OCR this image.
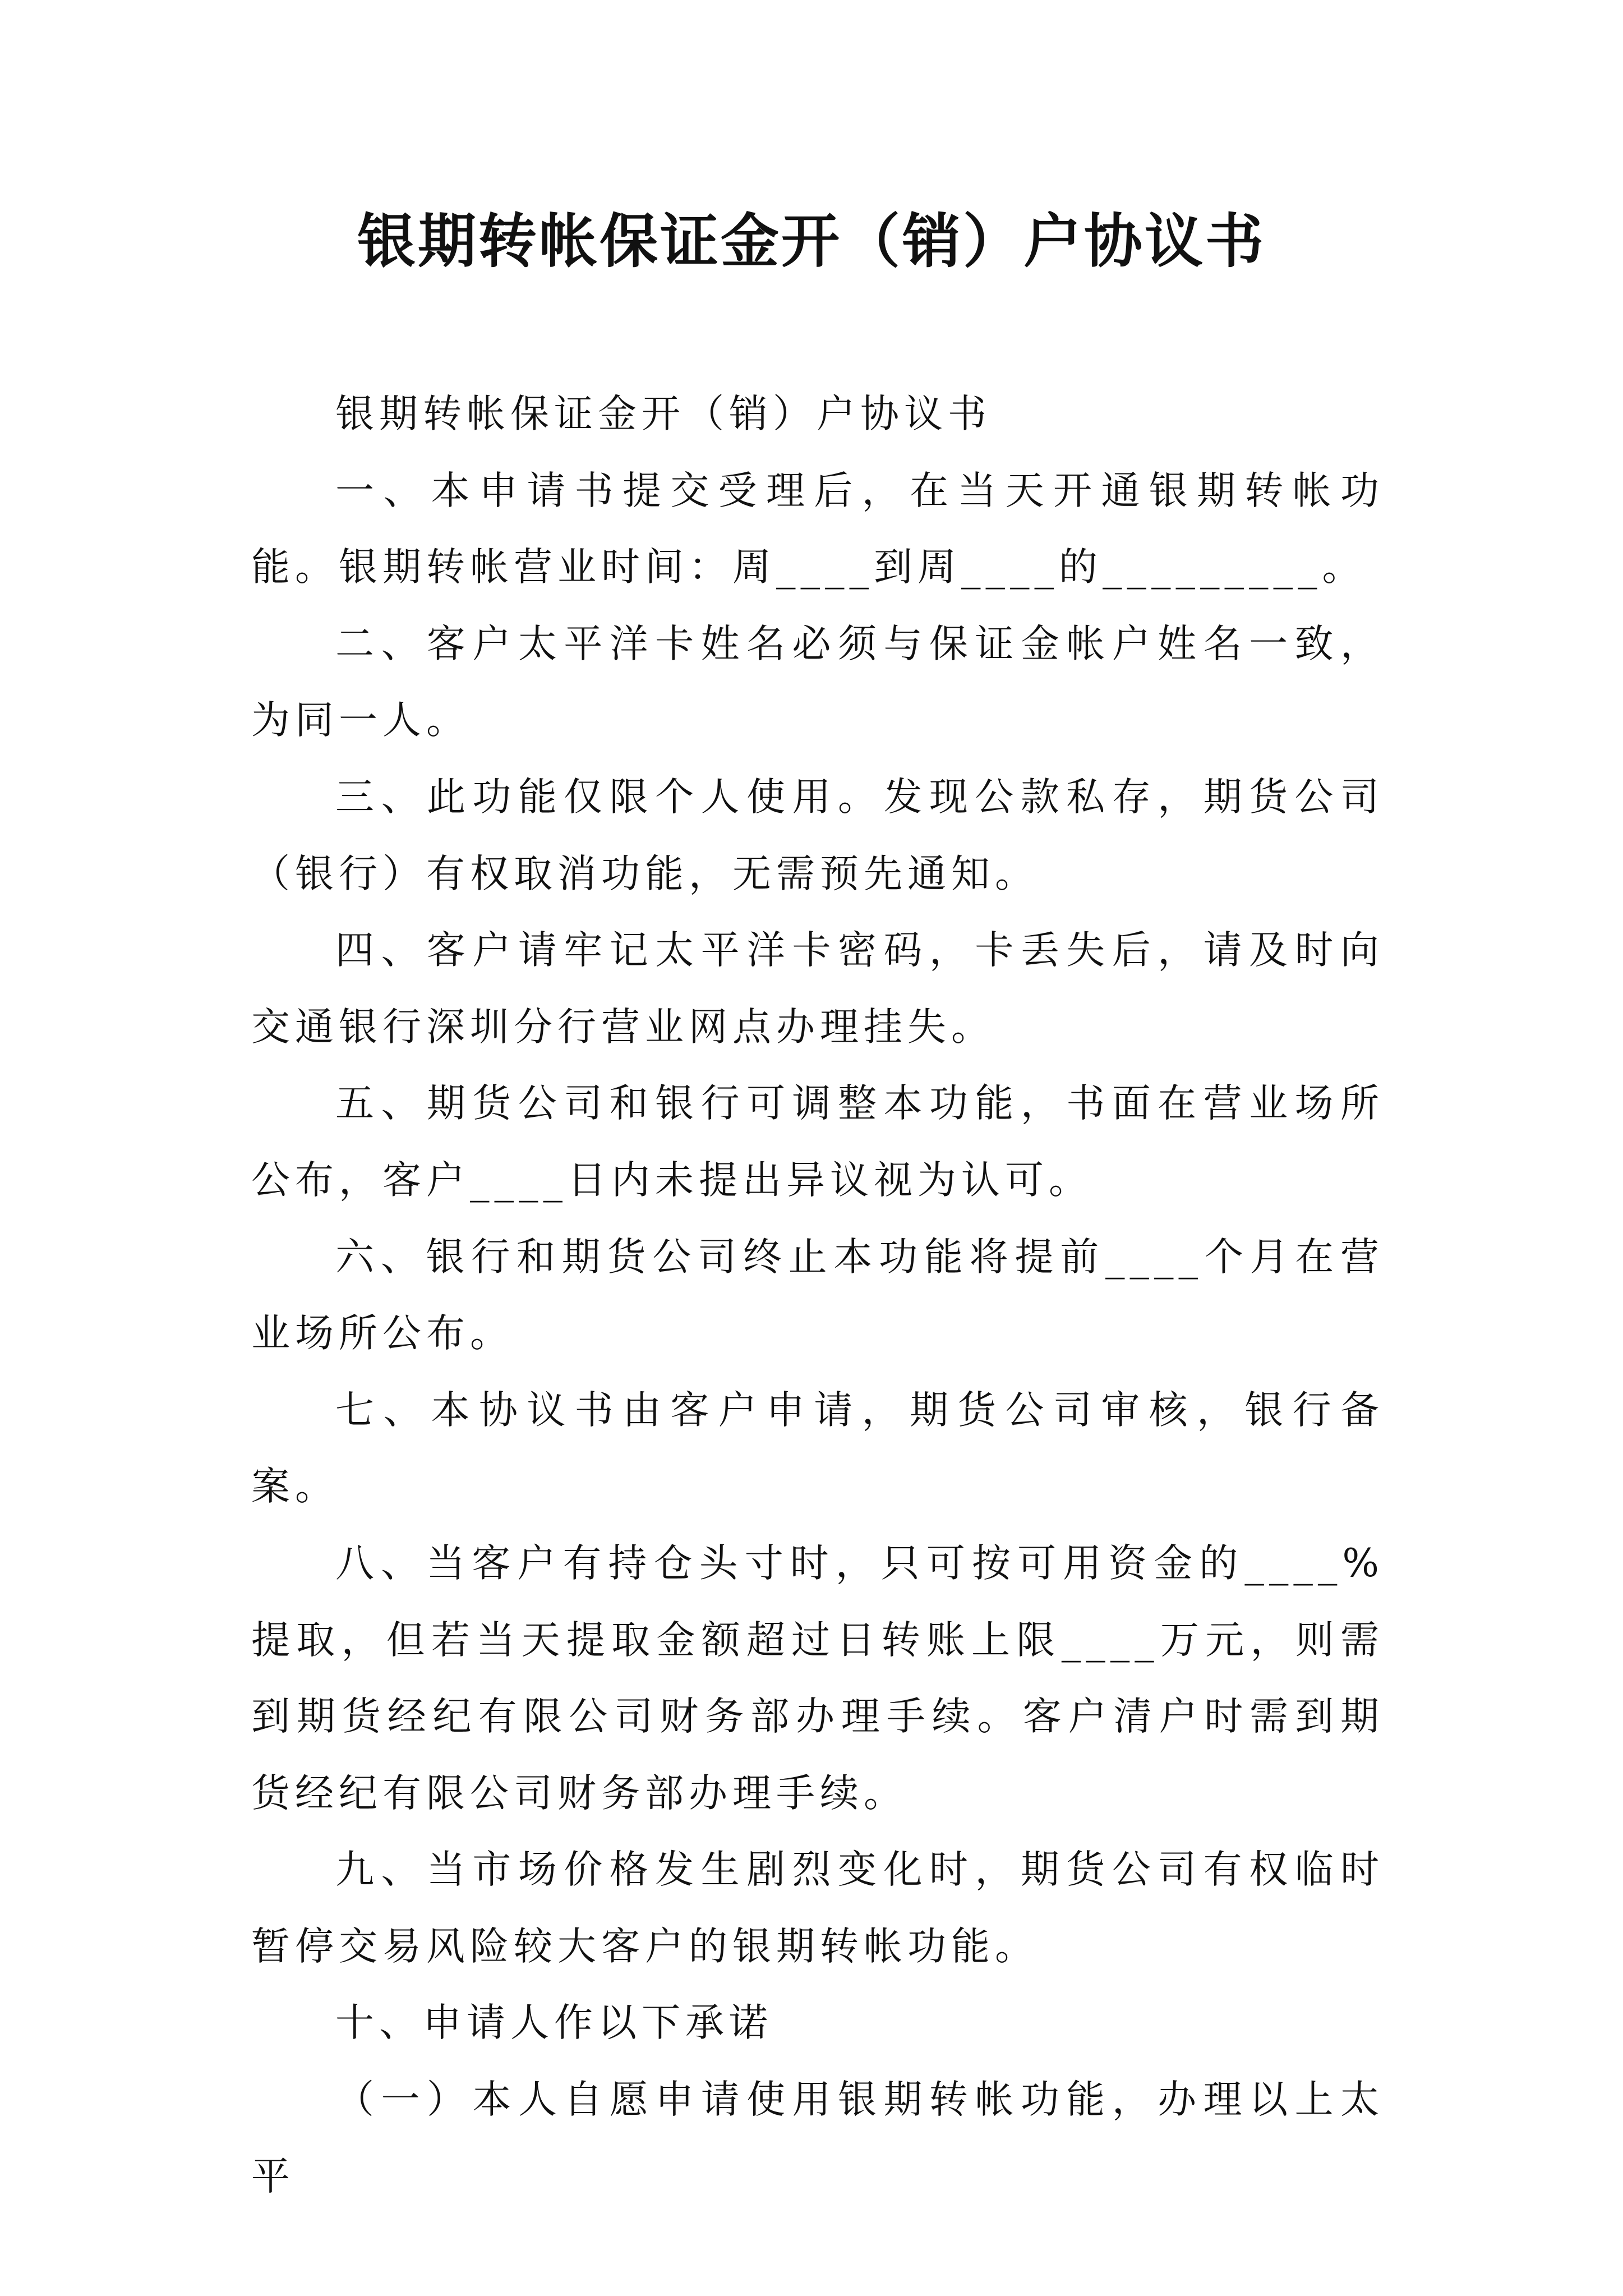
银期转帐保证金开（销）户协议书

银期转帐保证金开（销）户协议书

一、本申请书提交受理后，在当天开通银期转帐功能。银期转帐营业时间：周____到周____的_________。

二、客户太平洋卡姓名必须与保证金帐户姓名一致，为同一人。

三、此功能仅限个人使用。发现公款私存，期货公司（银行）有权取消功能，无需预先通知。

四、客户请牢记太平洋卡密码，卡丢失后，请及时向交通银行深圳分行营业网点办理挂失。

五、期货公司和银行可调整本功能，书面在营业场所公布，客户____日内未提出异议视为认可。

六、银行和期货公司终止本功能将提前____个月在营业场所公布。

七、本协议书由客户申请，期货公司审核，银行备案。

八、当客户有持仓头寸时，只可按可用资金的____%提取，但若当天提取金额超过日转账上限____万元，则需到期货经纪有限公司财务部办理手续。客户清户时需到期货经纪有限公司财务部办理手续。

九、当市场价格发生剧烈变化时，期货公司有权临时暂停交易风险较大客户的银期转帐功能。

十、申请人作以下承诺

（一）本人自愿申请使用银期转帐功能，办理以上太平
